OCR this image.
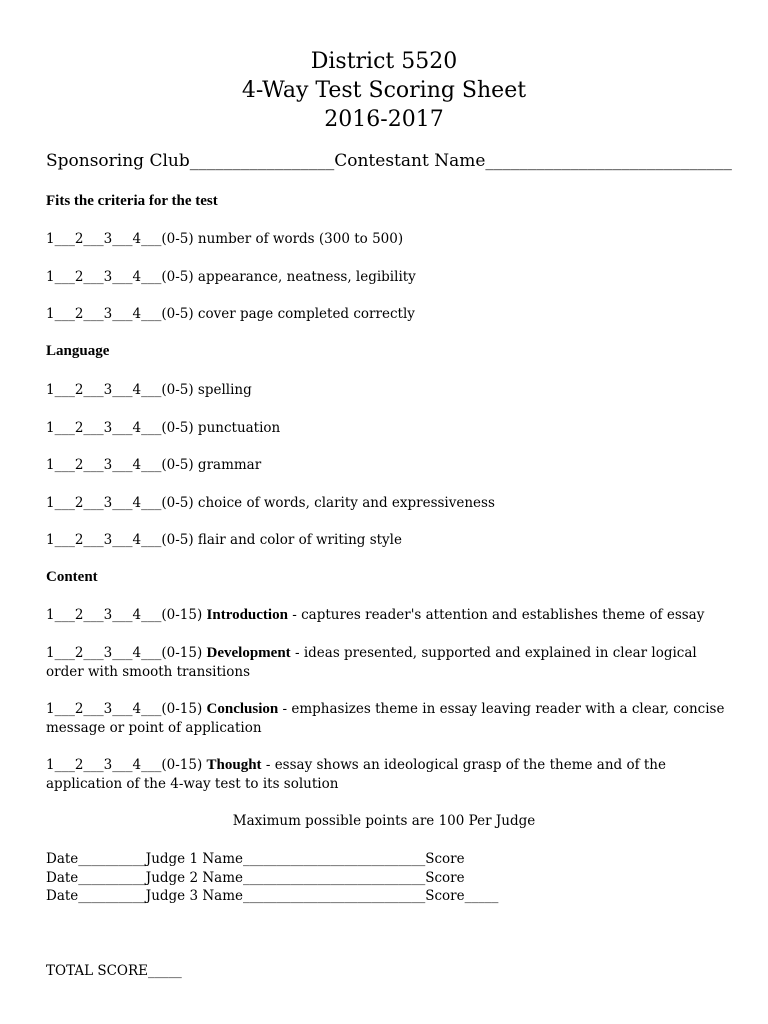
District 5520
4-Way Test Scoring Sheet
2016-2017
Sponsoring Club_________________Contestant Name_____________________________
Fits the criteria for the test
1___2___3___4___(0-5) number of words (300 to 500)
1___2___3___4___(0-5) appearance, neatness, legibility
1___2___3___4___(0-5) cover page completed correctly
Language
1___2___3___4___(0-5) spelling
1___2___3___4___(0-5) punctuation
1___2___3___4___(0-5) grammar
1___2___3___4___(0-5) choice of words, clarity and expressiveness
1___2___3___4___(0-5) flair and color of writing style
Content
1___2___3___4___(0-15) Introduction - captures reader's attention and establishes theme of essay
1___2___3___4___(0-15) Development - ideas presented, supported and explained in clear logical order with smooth transitions
1___2___3___4___(0-15) Conclusion - emphasizes theme in essay leaving reader with a clear, concise message or point of application
1___2___3___4___(0-15) Thought - essay shows an ideological grasp of the theme and of the application of the 4-way test to its solution
Maximum possible points are 100 Per Judge
Date__________Judge 1 Name___________________________Score
Date__________Judge 2 Name___________________________Score
Date__________Judge 3 Name___________________________Score_____
TOTAL SCORE_____
